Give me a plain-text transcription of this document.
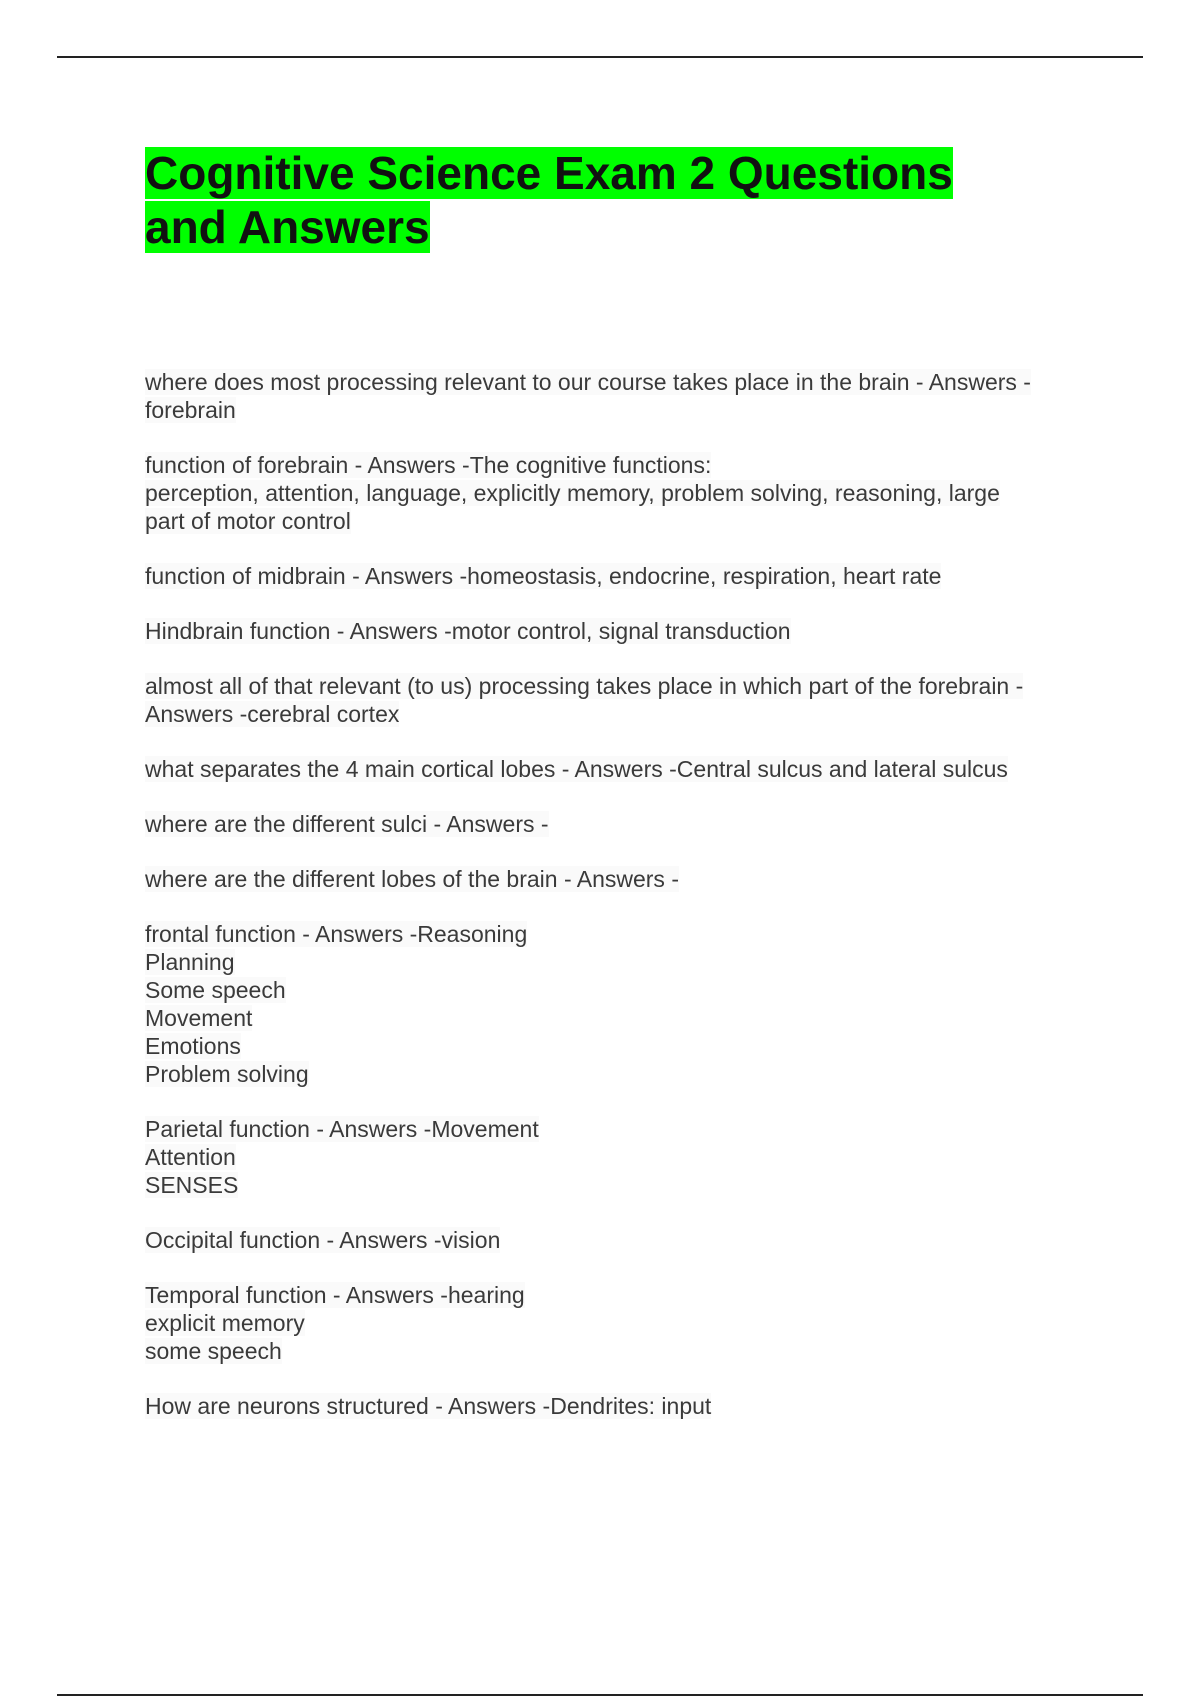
Cognitive Science Exam 2 Questions and Answers
where does most processing relevant to our course takes place in the brain - Answers -
forebrain
function of forebrain - Answers -The cognitive functions:
perception, attention, language, explicitly memory, problem solving, reasoning, large
part of motor control
function of midbrain - Answers -homeostasis, endocrine, respiration, heart rate
Hindbrain function - Answers -motor control, signal transduction
almost all of that relevant (to us) processing takes place in which part of the forebrain -
Answers -cerebral cortex
what separates the 4 main cortical lobes - Answers -Central sulcus and lateral sulcus
where are the different sulci - Answers -
where are the different lobes of the brain - Answers -
frontal function - Answers -Reasoning
Planning
Some speech
Movement
Emotions
Problem solving
Parietal function - Answers -Movement
Attention
SENSES
Occipital function - Answers -vision
Temporal function - Answers -hearing
explicit memory
some speech
How are neurons structured - Answers -Dendrites: input
